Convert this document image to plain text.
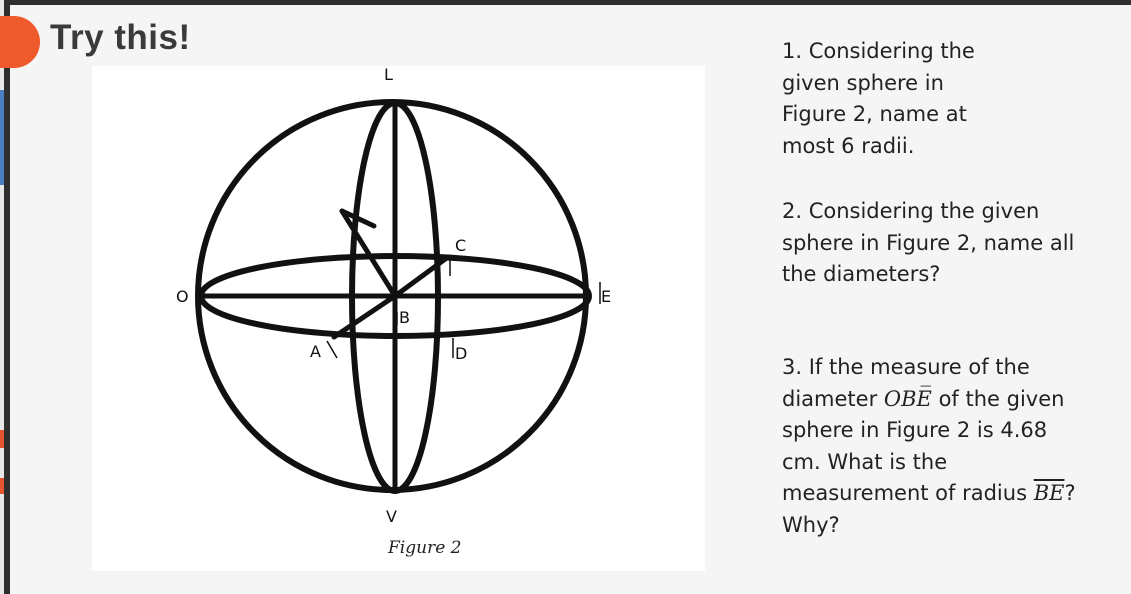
Try this!
L
O
A
B
C
D
E
V
Figure 2

1. Considering the given sphere in Figure 2, name at most 6 radii.

2. Considering the given sphere in Figure 2, name all the diameters?

3. If the measure of the diameter OBE of the given sphere in Figure 2 is 4.68 cm. What is the measurement of radius $\overline{BE}$? Why?
